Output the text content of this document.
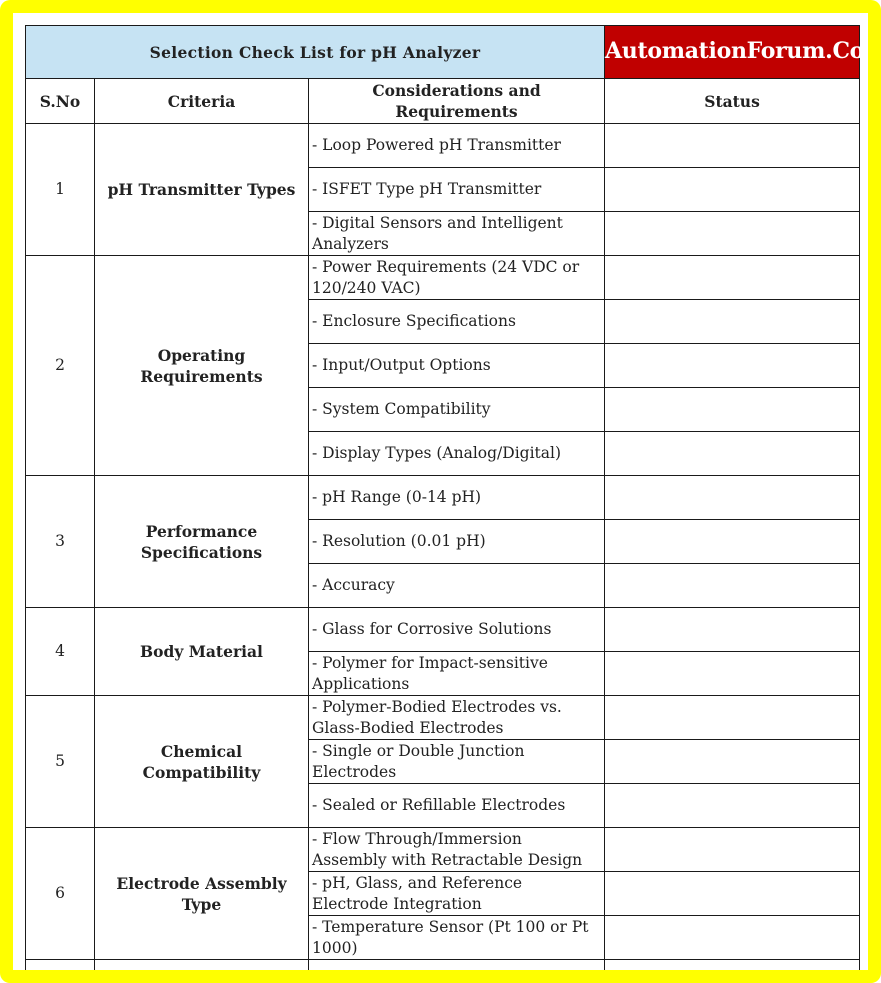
Selection Check List for pH Analyzer			AutomationForum.Co
S.No	Criteria	Considerations and Requirements	Status
1	pH Transmitter Types	- Loop Powered pH Transmitter	
		- ISFET Type pH Transmitter	
		- Digital Sensors and Intelligent Analyzers	
2	Operating Requirements	- Power Requirements (24 VDC or 120/240 VAC)	
		- Enclosure Specifications	
		- Input/Output Options	
		- System Compatibility	
		- Display Types (Analog/Digital)	
3	Performance Specifications	- pH Range (0-14 pH)	
		- Resolution (0.01 pH)	
		- Accuracy	
4	Body Material	- Glass for Corrosive Solutions	
		- Polymer for Impact-sensitive Applications	
5	Chemical Compatibility	- Polymer-Bodied Electrodes vs. Glass-Bodied Electrodes	
		- Single or Double Junction Electrodes	
		- Sealed or Refillable Electrodes	
6	Electrode Assembly Type	- Flow Through/Immersion Assembly with Retractable Design	
		- pH, Glass, and Reference Electrode Integration	
		- Temperature Sensor (Pt 100 or Pt 1000)	
